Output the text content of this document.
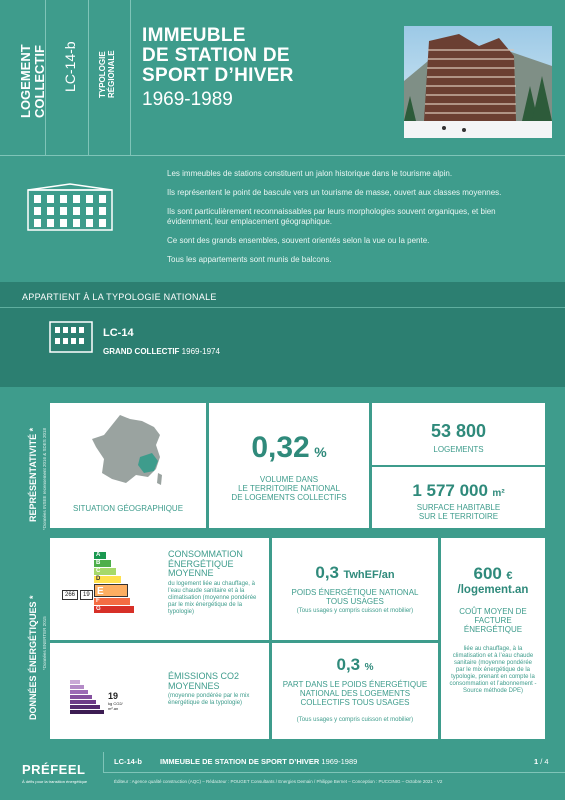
LOGEMENT COLLECTIF LC-14-b	TYPOLOGIE RÉGIONALE
IMMEUBLE
DE STATION DE
SPORT D’HIVER
1969-1989

Les immeubles de stations constituent un jalon historique dans le tourisme alpin.

Ils représentent le point de bascule vers un tourisme de masse, ouvert aux classes moyennes.

Ils sont particulièrement reconnaissables par leurs morphologies souvent organiques, et bien évidemment, leur emplacement géographique.

Ce sont des grands ensembles, souvent orientés selon la vue ou la pente.

Tous les appartements sont munis de balcons.

APPARTIENT À LA TYPOLOGIE NATIONALE
LC-14
GRAND COLLECTIF 1969-1974
REPRÉSENTATIVITÉ * *Données INSEE recensement 2016 & SDES 2018	SITUATION GÉOGRAPHIQUE
0,32 %
VOLUME DANS
LE TERRITOIRE NATIONAL
DE LOGEMENTS COLLECTIFS
53 800
LOGEMENTS
1 577 000 m²
SURFACE HABITABLE
SUR LE TERRITOIRE
DONNÉES ÉNERGÉTIQUES * *Données ENERTER 2015
A
B
C
D
E
F
G
266	19
CONSOMMATION ÉNERGÉTIQUE MOYENNE
du logement liée au chauffage, à l’eau chaude sanitaire et à la climatisation (moyenne pondérée par le mix énergétique de la typologie)
19
kg CO2/ m².an
ÉMISSIONS CO2 MOYENNES
(moyenne pondérée par le mix énergétique de la typologie)
0,3 TwhEF/an
POIDS ÉNERGÉTIQUE NATIONAL TOUS USAGES
(Tous usages y compris cuisson et mobilier)
0,3 %
PART DANS LE POIDS ÉNERGÉTIQUE NATIONAL DES LOGEMENTS COLLECTIFS TOUS USAGES
(Tous usages y compris cuisson et mobilier)
600 €
/logement.an
COÛT MOYEN DE FACTURE ÉNERGÉTIQUE
liée au chauffage, à la climatisation et à l’eau chaude sanitaire (moyenne pondérée par le mix énergétique de la typologie, prenant en compte la consommation et l’abonnement - Source méthode DPE)
PRÉFEEL
À défis pour la transition énergétique
LC-14-b IMMEUBLE DE STATION DE SPORT D’HIVER 1969-1989	1 / 4
Éditeur : Agence qualité construction (AQC) – Rédacteur : POUGET Consultants / Energies Demain / Philippe Bernet – Conception : PUCCINIG – Octobre 2021 - V2
